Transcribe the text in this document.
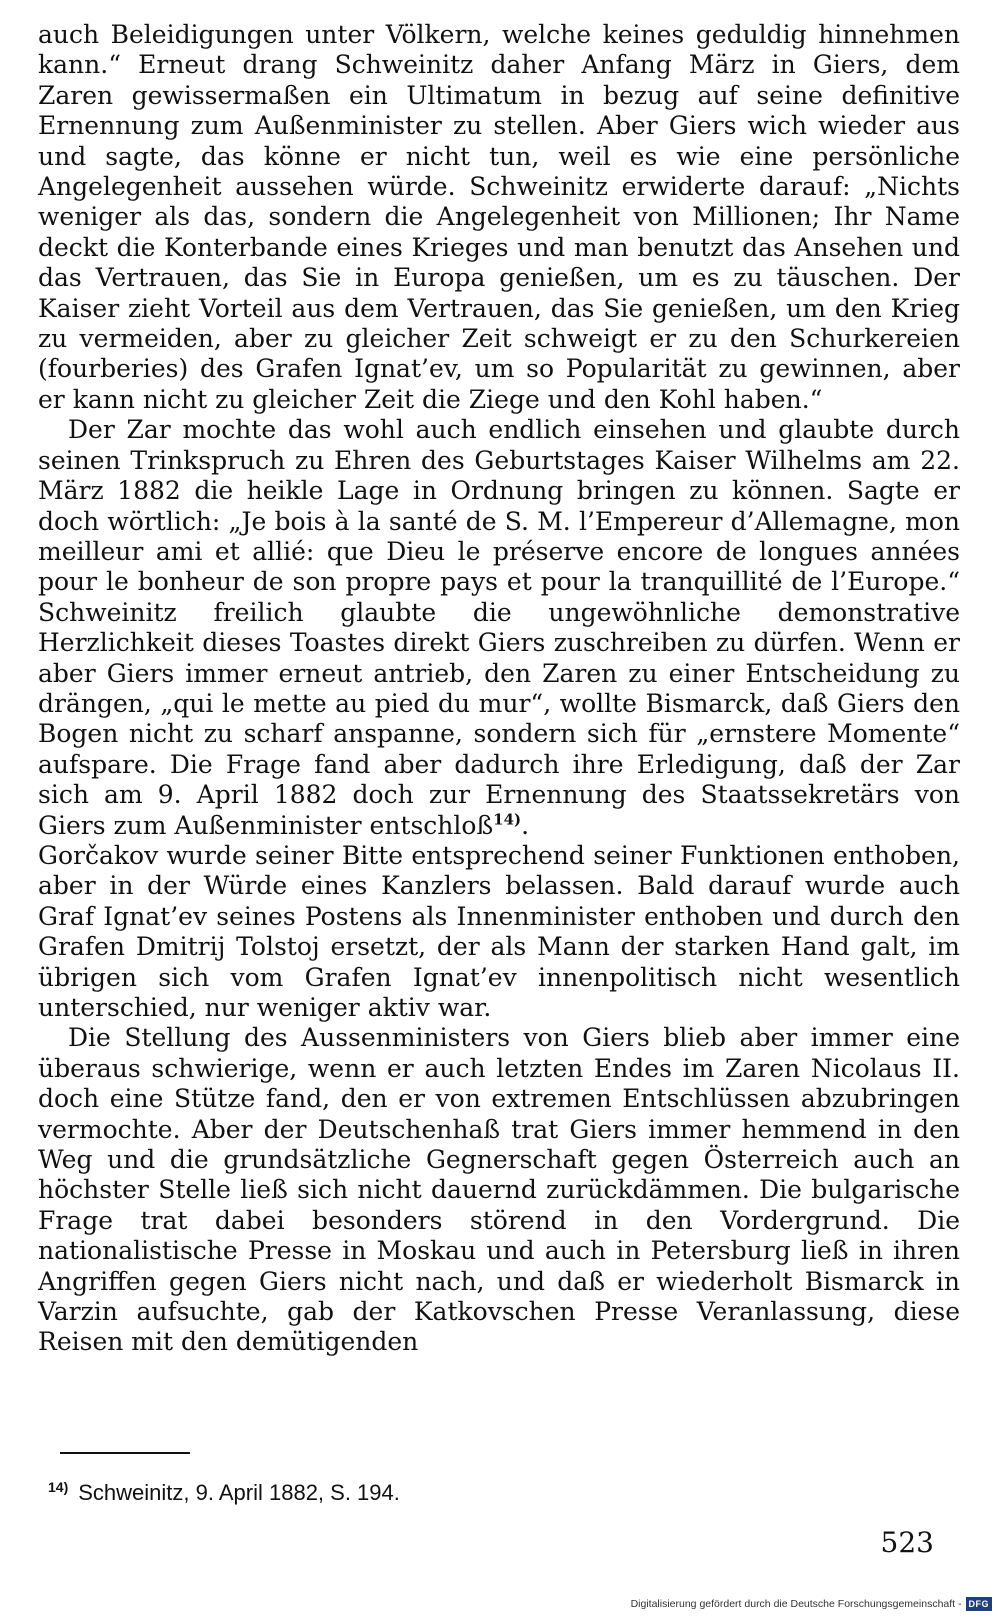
auch Beleidigungen unter Völkern, welche keines geduldig hinnehmen kann.“ Erneut drang Schweinitz daher Anfang März in Giers, dem Zaren gewissermaßen ein Ultimatum in bezug auf seine definitive Ernennung zum Außenminister zu stellen. Aber Giers wich wieder aus und sagte, das könne er nicht tun, weil es wie eine persönliche Angelegenheit aussehen würde. Schweinitz erwiderte darauf: „Nichts weniger als das, sondern die Angelegenheit von Millionen; Ihr Name deckt die Konterbande eines Krieges und man benutzt das Ansehen und das Vertrauen, das Sie in Europa genießen, um es zu täuschen. Der Kaiser zieht Vorteil aus dem Vertrauen, das Sie genießen, um den Krieg zu vermeiden, aber zu gleicher Zeit schweigt er zu den Schurkereien (fourberies) des Grafen Ignat’ev, um so Popularität zu gewinnen, aber er kann nicht zu gleicher Zeit die Ziege und den Kohl haben.“

Der Zar mochte das wohl auch endlich einsehen und glaubte durch seinen Trinkspruch zu Ehren des Geburtstages Kaiser Wilhelms am 22. März 1882 die heikle Lage in Ordnung bringen zu können. Sagte er doch wörtlich: „Je bois à la santé de S. M. l’Empereur d’Allemagne, mon meilleur ami et allié: que Dieu le préserve encore de longues années pour le bonheur de son propre pays et pour la tranquillité de l’Europe.“ Schweinitz freilich glaubte die ungewöhnliche demonstrative Herzlichkeit dieses Toastes direkt Giers zuschreiben zu dürfen. Wenn er aber Giers immer erneut antrieb, den Zaren zu einer Entscheidung zu drängen, „qui le mette au pied du mur“, wollte Bismarck, daß Giers den Bogen nicht zu scharf anspanne, sondern sich für „ernstere Momente“ aufspare. Die Frage fand aber dadurch ihre Erledigung, daß der Zar sich am 9. April 1882 doch zur Ernennung des Staatssekretärs von Giers zum Außenminister entschloß$^{14)}$.

Gorčakov wurde seiner Bitte entsprechend seiner Funktionen enthoben, aber in der Würde eines Kanzlers belassen. Bald darauf wurde auch Graf Ignat’ev seines Postens als Innenminister enthoben und durch den Grafen Dmitrij Tolstoj ersetzt, der als Mann der starken Hand galt, im übrigen sich vom Grafen Ignat’ev innenpolitisch nicht wesentlich unterschied, nur weniger aktiv war.

Die Stellung des Aussenministers von Giers blieb aber immer eine überaus schwierige, wenn er auch letzten Endes im Zaren Nicolaus II. doch eine Stütze fand, den er von extremen Entschlüssen abzubringen vermochte. Aber der Deutschenhaß trat Giers immer hemmend in den Weg und die grundsätzliche Gegnerschaft gegen Österreich auch an höchster Stelle ließ sich nicht dauernd zurückdämmen. Die bulgarische Frage trat dabei besonders störend in den Vordergrund. Die nationalistische Presse in Moskau und auch in Petersburg ließ in ihren Angriffen gegen Giers nicht nach, und daß er wiederholt Bismarck in Varzin aufsuchte, gab der Katkovschen Presse Veranlassung, diese Reisen mit den demütigenden

$^{14)}$ Schweinitz, 9. April 1882, S. 194.
523
Digitalisierung gefördert durch die Deutsche Forschungsgemeinschaft - DFG
